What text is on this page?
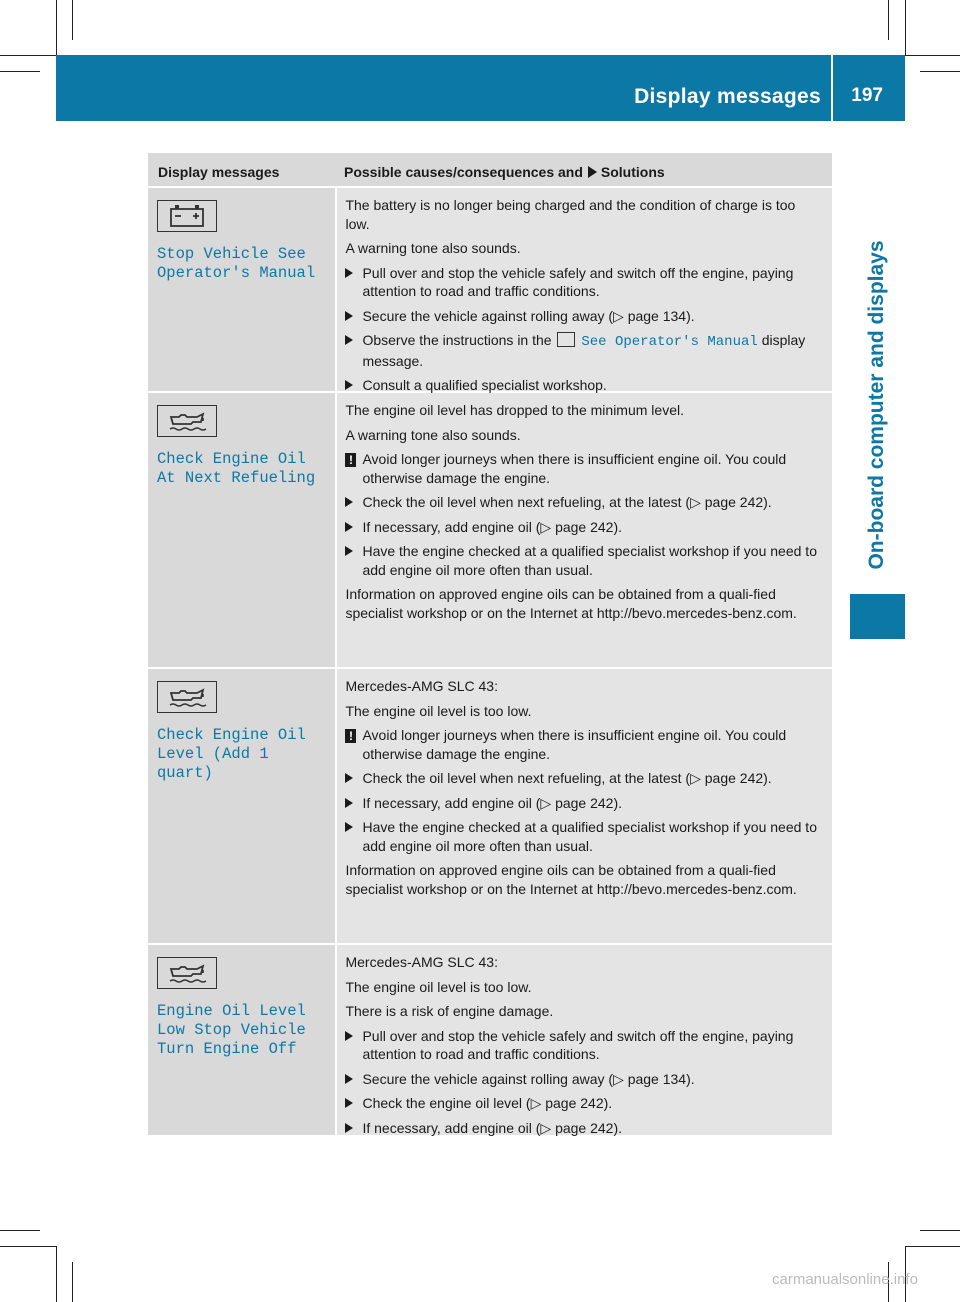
Display messages 197
On-board computer and displays
Display messages	Possible causes/consequences and Solutions
Stop Vehicle See
Operator's Manual
The battery is no longer being charged and the condition of charge is too low.
A warning tone also sounds.
Pull over and stop the vehicle safely and switch off the engine, paying attention to road and traffic conditions.
Secure the vehicle against rolling away (▷ page 134).
Observe the instructions in the See Operator's Manual display message.
Consult a qualified specialist workshop.
Check Engine Oil
At Next Refueling
The engine oil level has dropped to the minimum level.
A warning tone also sounds.
! Avoid longer journeys when there is insufficient engine oil. You could otherwise damage the engine.
Check the oil level when next refueling, at the latest (▷ page 242).
If necessary, add engine oil (▷ page 242).
Have the engine checked at a qualified specialist workshop if you need to add engine oil more often than usual.
Information on approved engine oils can be obtained from a quali-fied specialist workshop or on the Internet at http://bevo.mercedes-benz.com.
Check Engine Oil
Level (Add 1 quart)
Mercedes-AMG SLC 43:
The engine oil level is too low.
! Avoid longer journeys when there is insufficient engine oil. You could otherwise damage the engine.
Check the oil level when next refueling, at the latest (▷ page 242).
If necessary, add engine oil (▷ page 242).
Have the engine checked at a qualified specialist workshop if you need to add engine oil more often than usual.
Information on approved engine oils can be obtained from a quali-fied specialist workshop or on the Internet at http://bevo.mercedes-benz.com.
Engine Oil Level
Low Stop Vehicle
Turn Engine Off
Mercedes-AMG SLC 43:
The engine oil level is too low.
There is a risk of engine damage.
Pull over and stop the vehicle safely and switch off the engine, paying attention to road and traffic conditions.
Secure the vehicle against rolling away (▷ page 134).
Check the engine oil level (▷ page 242).
If necessary, add engine oil (▷ page 242).
carmanualsonline.info
